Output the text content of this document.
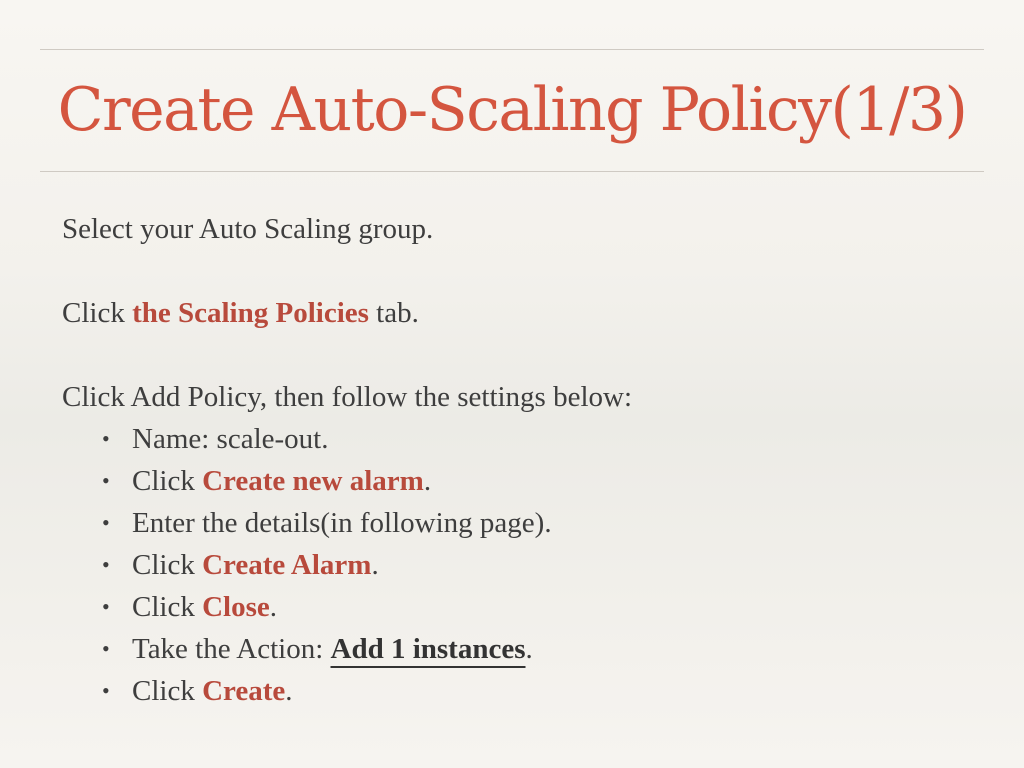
Create Auto-Scaling Policy(1/3)

Select your Auto Scaling group.

Click the Scaling Policies tab.

Click Add Policy, then follow the settings below:

• Name: scale-out.
• Click Create new alarm.
• Enter the details(in following page).
• Click Create Alarm.
• Click Close.
• Take the Action: Add 1 instances.
• Click Create.
